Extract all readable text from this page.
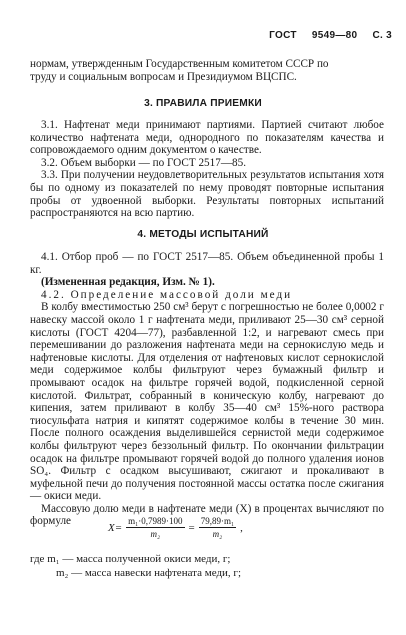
ГОСТ 9549—80 С. 3

нормам, утвержденным Государственным комитетом СССР по

труду и социальным вопросам и Президиумом ВЦСПС.

3. ПРАВИЛА ПРИЕМКИ

3.1. Нафтенат меди принимают партиями. Партией считают любое количество нафтената меди, однородного по показателям качества и сопровождаемого одним документом о качестве.

3.2. Объем выборки — по ГОСТ 2517—85.

3.3. При получении неудовлетворительных результатов испытания хотя бы по одному из показателей по нему проводят повторные испытания пробы от удвоенной выборки. Результаты повторных испытаний распространяются на всю партию.

4. МЕТОДЫ ИСПЫТАНИЙ

4.1. Отбор проб — по ГОСТ 2517—85. Объем объединенной пробы 1 кг.

(Измененная редакция, Изм. № 1).

4.2. Определение массовой доли меди

В колбу вместимостью 250 см³ берут с погрешностью не более 0,0002 г навеску массой около 1 г нафтената меди, приливают 25—30 см³ серной кислоты (ГОСТ 4204—77), разбавленной 1:2, и нагревают смесь при перемешивании до разложения нафтената меди на сернокислую медь и нафтеновые кислоты. Для отделения от нафтеновых кислот сернокислой меди содержимое колбы фильтруют через бумажный фильтр и промывают осадок на фильтре горячей водой, подкисленной серной кислотой. Фильтрат, собранный в коническую колбу, нагревают до кипения, затем приливают в колбу 35—40 см³ 15%-ного раствора тиосульфата натрия и кипятят содержимое колбы в течение 30 мин. После полного осаждения выделившейся сернистой меди содержимое колбы фильтруют через беззольный фильтр. По окончании фильтрации осадок на фильтре промывают горячей водой до полного удаления ионов SO₄. Фильтр с осадком высушивают, сжигают и прокаливают в муфельной печи до получения постоянной массы остатка после сжигания — окиси меди.

Массовую долю меди в нафтенате меди (X) в процентах вычисляют по формуле

$X= \frac{\text{m₁·0,7989·100}}{\text{m₂}} = \frac{\text{79,89·m₁}}{\text{m₂}}$ ,
где m₁ — масса полученной окиси меди, г;
m₂ — масса навески нафтената меди, г;
